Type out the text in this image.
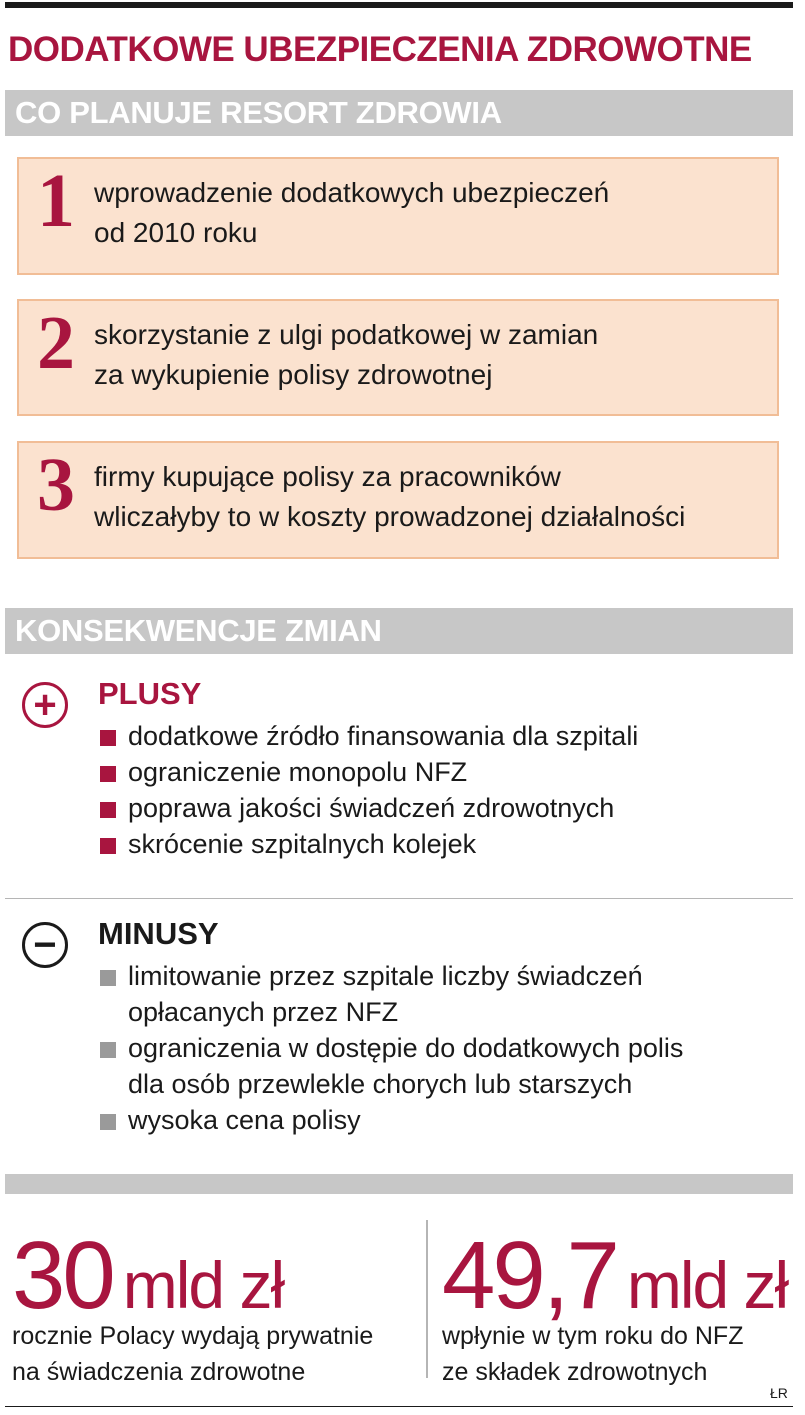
DODATKOWE UBEZPIECZENIA ZDROWOTNE
CO PLANUJE RESORT ZDROWIA
1 wprowadzenie dodatkowych ubezpieczeń
od 2010 roku
2 skorzystanie z ulgi podatkowej w zamian
za wykupienie polisy zdrowotnej
3 firmy kupujące polisy za pracowników
wliczałyby to w koszty prowadzonej działalności
KONSEKWENCJE ZMIAN
+	PLUSY
dodatkowe źródło finansowania dla szpitali
ograniczenie monopolu NFZ
poprawa jakości świadczeń zdrowotnych
skrócenie szpitalnych kolejek
−	MINUSY
limitowanie przez szpitale liczby świadczeń
opłacanych przez NFZ
ograniczenia w dostępie do dodatkowych polis
dla osób przewlekle chorych lub starszych
wysoka cena polisy
30 mld zł
rocznie Polacy wydają prywatnie
na świadczenia zdrowotne
49,7 mld zł
wpłynie w tym roku do NFZ
ze składek zdrowotnych
ŁR
